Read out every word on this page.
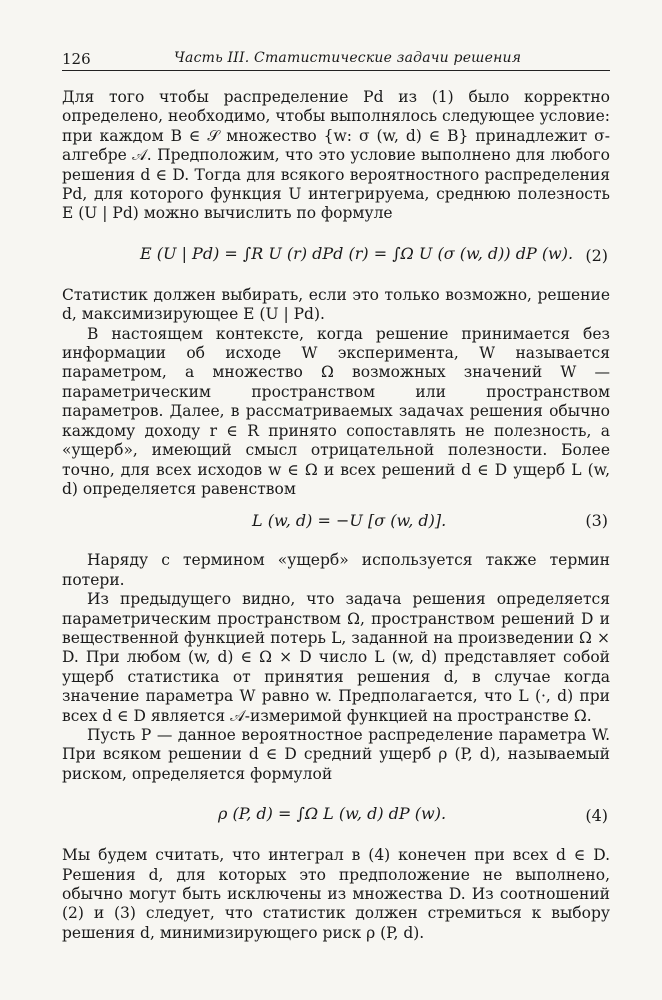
126	Часть III. Статистические задачи решения

Для того чтобы распределение Pd из (1) было корректно определено, необходимо, чтобы выполнялось следующее условие: при каждом B ∈ 𝒮 множество {w: σ (w, d) ∈ B} принадлежит σ-алгебре 𝒜. Предположим, что это условие выполнено для любого решения d ∈ D. Тогда для всякого вероятностного распределения Pd, для которого функция U интегрируема, среднюю полезность E (U | Pd) можно вычислить по формуле

E (U | Pd) = ∫R U (r) dPd (r) = ∫Ω U (σ (w, d)) dP (w). (2)

Статистик должен выбирать, если это только возможно, решение d, максимизирующее E (U | Pd).

В настоящем контексте, когда решение принимается без информации об исходе W эксперимента, W называется параметром, а множество Ω возможных значений W — параметрическим пространством или пространством параметров. Далее, в рассматриваемых задачах решения обычно каждому доходу r ∈ R принято сопоставлять не полезность, а «ущерб», имеющий смысл отрицательной полезности. Более точно, для всех исходов w ∈ Ω и всех решений d ∈ D ущерб L (w, d) определяется равенством

L (w, d) = −U [σ (w, d)].	(3)

Наряду с термином «ущерб» используется также термин потери.

Из предыдущего видно, что задача решения определяется параметрическим пространством Ω, пространством решений D и вещественной функцией потерь L, заданной на произведении Ω × D. При любом (w, d) ∈ Ω × D число L (w, d) представляет собой ущерб статистика от принятия решения d, в случае когда значение параметра W равно w. Предполагается, что L (·, d) при всех d ∈ D является 𝒜-измеримой функцией на пространстве Ω.

Пусть P — данное вероятностное распределение параметра W. При всяком решении d ∈ D средний ущерб ρ (P, d), называемый риском, определяется формулой

ρ (P, d) = ∫Ω L (w, d) dP (w).	(4)

Мы будем считать, что интеграл в (4) конечен при всех d ∈ D. Решения d, для которых это предположение не выполнено, обычно могут быть исключены из множества D. Из соотношений (2) и (3) следует, что статистик должен стремиться к выбору решения d, минимизирующего риск ρ (P, d).
